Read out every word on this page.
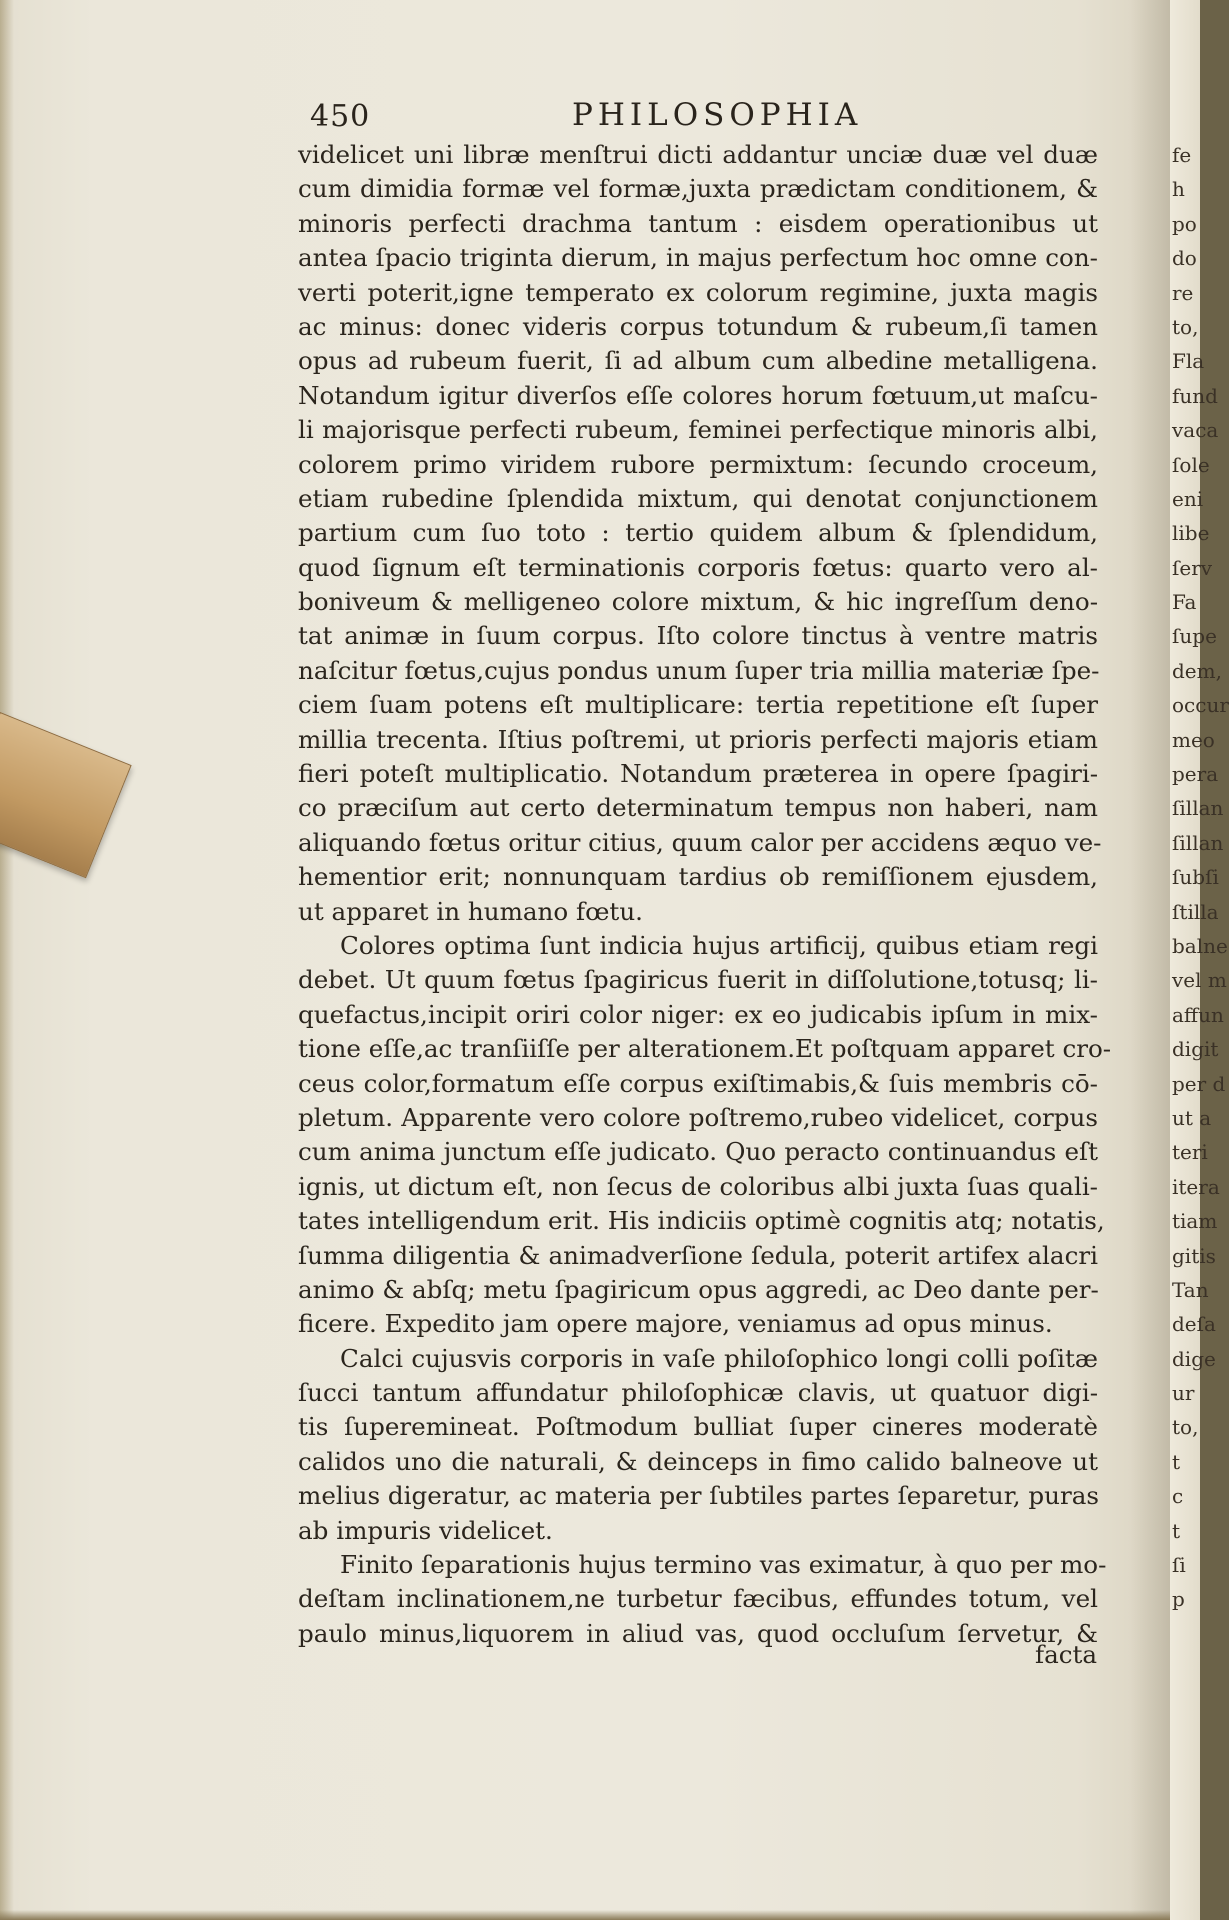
450	PHILOSOPHIA
videlicet uni libræ menſtrui dicti addantur unciæ duæ vel duæ
cum dimidia formæ vel formæ,juxta prædictam conditionem, &
minoris perfecti drachma tantum : eisdem operationibus ut
antea ſpacio triginta dierum, in majus perfectum hoc omne con-
verti poterit,igne temperato ex colorum regimine, juxta magis
ac minus: donec videris corpus totundum & rubeum,ſi tamen
opus ad rubeum fuerit, ſi ad album cum albedine metalligena.
Notandum igitur diverſos eſſe colores horum fœtuum,ut maſcu-
li majorisque perfecti rubeum, feminei perfectique minoris albi,
colorem primo viridem rubore permixtum: ſecundo croceum,
etiam rubedine ſplendida mixtum, qui denotat conjunctionem
partium cum ſuo toto : tertio quidem album & ſplendidum,
quod ſignum eſt terminationis corporis fœtus: quarto vero al-
boniveum & melligeneo colore mixtum, & hic ingreſſum deno-
tat animæ in ſuum corpus. Iſto colore tinctus à ventre matris
naſcitur fœtus,cujus pondus unum ſuper tria millia materiæ ſpe-
ciem ſuam potens eſt multiplicare: tertia repetitione eſt ſuper
millia trecenta. Iſtius poſtremi, ut prioris perfecti majoris etiam
fieri poteſt multiplicatio. Notandum præterea in opere ſpagiri-
co præciſum aut certo determinatum tempus non haberi, nam
aliquando fœtus oritur citius, quum calor per accidens æquo ve-
hementior erit; nonnunquam tardius ob remiſſionem ejusdem,
ut apparet in humano fœtu.
Colores optima ſunt indicia hujus artificij, quibus etiam regi
debet. Ut quum fœtus ſpagiricus fuerit in diſſolutione,totusq; li-
quefactus,incipit oriri color niger: ex eo judicabis ipſum in mix-
tione eſſe,ac tranſiiſſe per alterationem.Et poſtquam apparet cro-
ceus color,formatum eſſe corpus exiſtimabis,& ſuis membris cō-
pletum. Apparente vero colore poſtremo,rubeo videlicet, corpus
cum anima junctum eſſe judicato. Quo peracto continuandus eſt
ignis, ut dictum eſt, non ſecus de coloribus albi juxta ſuas quali-
tates intelligendum erit. His indiciis optimè cognitis atq; notatis,
ſumma diligentia & animadverſione ſedula, poterit artifex alacri
animo & abſq; metu ſpagiricum opus aggredi, ac Deo dante per-
ficere. Expedito jam opere majore, veniamus ad opus minus.
Calci cujusvis corporis in vaſe philoſophico longi colli poſitæ
ſucci tantum affundatur philoſophicæ clavis, ut quatuor digi-
tis ſuperemineat. Poſtmodum bulliat ſuper cineres moderatè
calidos uno die naturali, & deinceps in fimo calido balneove ut
melius digeratur, ac materia per ſubtiles partes ſeparetur, puras
ab impuris videlicet.
Finito ſeparationis hujus termino vas eximatur, à quo per mo-
deſtam inclinationem,ne turbetur fæcibus, effundes totum, vel
paulo minus,liquorem in aliud vas, quod occluſum ſervetur, &
facta
fe
h
po
do
re
to,
Fla
fund
vaca
ſole
eni
libe
ſerv
Fa
ſupe
dem,
occur
meo
pera
ſillan
ſillan
ſubſi
ſtilla
balne
vel m
affun
digit
per d
ut a
teri
itera
tiam
gitis
Tan
deſa
dige
ur
to,
t
c
t
ſi
p
